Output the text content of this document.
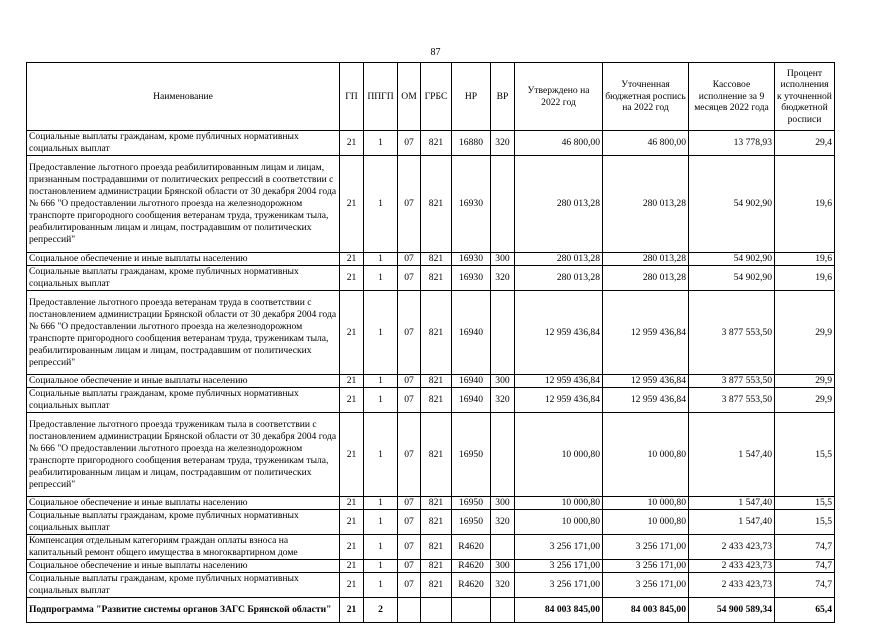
87
Наименование	ГП	ППГП	ОМ	ГРБС	НР	ВР	Утверждено на 2022 год	Уточненная бюджетная роспись на 2022 год	Кассовое исполнение за 9 месяцев 2022 года	Процент исполнения к уточненной бюджетной росписи
Социальные выплаты гражданам, кроме публичных нормативных социальных выплат	21	1	07	821	16880	320	46 800,00	46 800,00	13 778,93	29,4
Предоставление льготного проезда реабилитированным лицам и лицам, признанным пострадавшими от политических репрессий в соответствии с постановлением администрации Брянской области от 30 декабря 2004 года № 666 "О предоставлении льготного проезда на железнодорожном транспорте пригородного сообщения ветеранам труда, труженикам тыла, реабилитированным лицам и лицам, пострадавшим от политических репрессий"	21	1	07	821	16930		280 013,28	280 013,28	54 902,90	19,6
Социальное обеспечение и иные выплаты населению	21	1	07	821	16930	300	280 013,28	280 013,28	54 902,90	19,6
Социальные выплаты гражданам, кроме публичных нормативных социальных выплат	21	1	07	821	16930	320	280 013,28	280 013,28	54 902,90	19,6
Предоставление льготного проезда ветеранам труда в соответствии с постановлением администрации Брянской области от 30 декабря 2004 года № 666 "О предоставлении льготного проезда на железнодорожном транспорте пригородного сообщения ветеранам труда, труженикам тыла, реабилитированным лицам и лицам, пострадавшим от политических репрессий"	21	1	07	821	16940		12 959 436,84	12 959 436,84	3 877 553,50	29,9
Социальное обеспечение и иные выплаты населению	21	1	07	821	16940	300	12 959 436,84	12 959 436,84	3 877 553,50	29,9
Социальные выплаты гражданам, кроме публичных нормативных социальных выплат	21	1	07	821	16940	320	12 959 436,84	12 959 436,84	3 877 553,50	29,9
Предоставление льготного проезда труженикам тыла в соответствии с постановлением администрации Брянской области от 30 декабря 2004 года № 666 "О предоставлении льготного проезда на железнодорожном транспорте пригородного сообщения ветеранам труда, труженикам тыла, реабилитированным лицам и лицам, пострадавшим от политических репрессий"	21	1	07	821	16950		10 000,80	10 000,80	1 547,40	15,5
Социальное обеспечение и иные выплаты населению	21	1	07	821	16950	300	10 000,80	10 000,80	1 547,40	15,5
Социальные выплаты гражданам, кроме публичных нормативных социальных выплат	21	1	07	821	16950	320	10 000,80	10 000,80	1 547,40	15,5
Компенсация отдельным категориям граждан оплаты взноса на капитальный ремонт общего имущества в многоквартирном доме	21	1	07	821	R4620		3 256 171,00	3 256 171,00	2 433 423,73	74,7
Социальное обеспечение и иные выплаты населению	21	1	07	821	R4620	300	3 256 171,00	3 256 171,00	2 433 423,73	74,7
Социальные выплаты гражданам, кроме публичных нормативных социальных выплат	21	1	07	821	R4620	320	3 256 171,00	3 256 171,00	2 433 423,73	74,7
Подпрограмма "Развитие системы органов ЗАГС Брянской области"	21	2					84 003 845,00	84 003 845,00	54 900 589,34	65,4
